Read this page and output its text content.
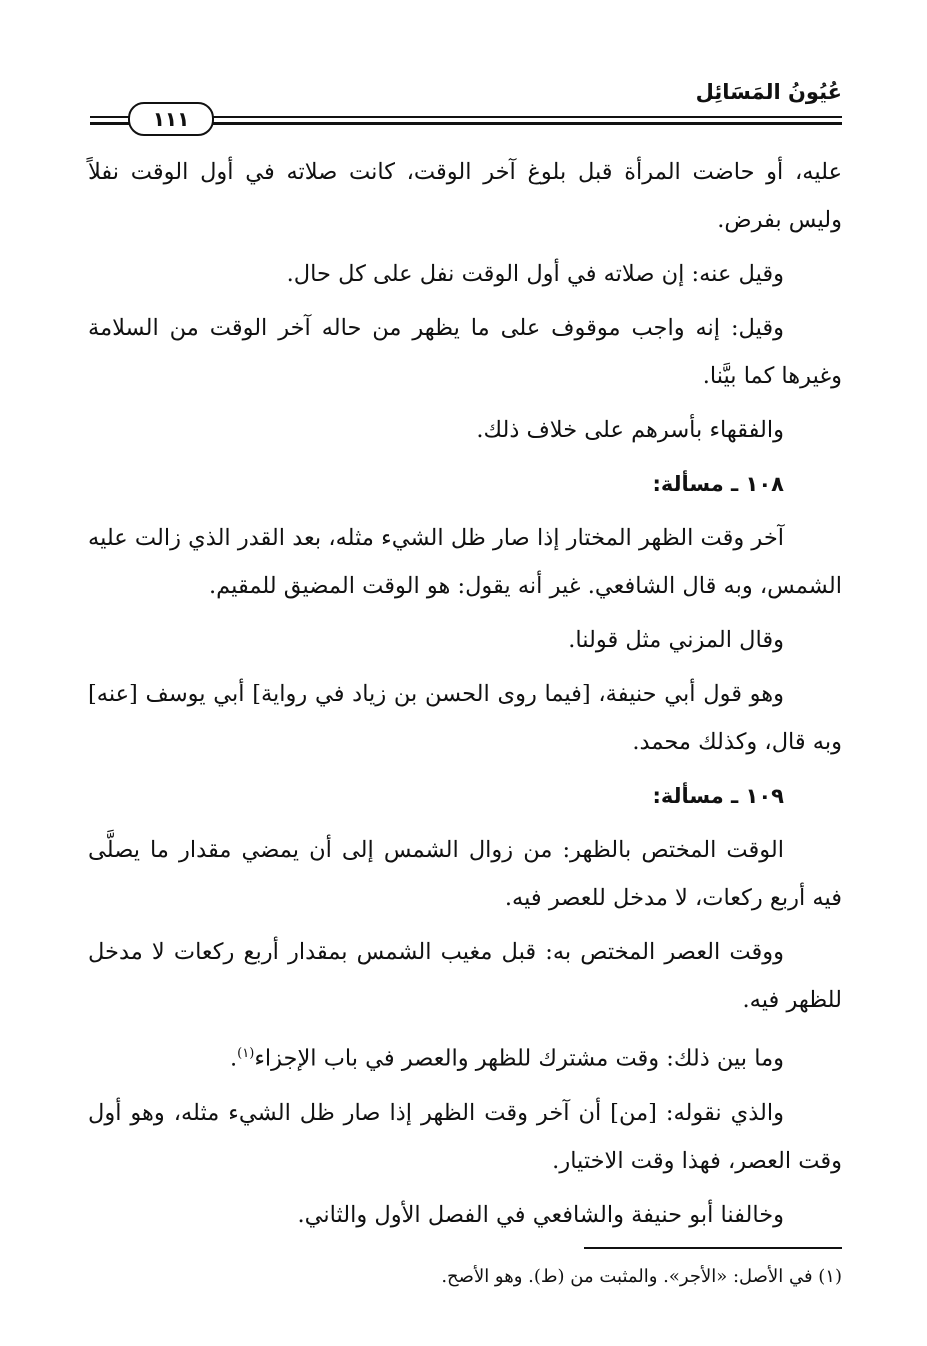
١١١
عُيُونُ المَسَائِل

عليه، أو حاضت المرأة قبل بلوغ آخر الوقت، كانت صلاته في أول الوقت نفلاً وليس بفرض.

وقيل عنه: إن صلاته في أول الوقت نفل على كل حال.

وقيل: إنه واجب موقوف على ما يظهر من حاله آخر الوقت من السلامة وغيرها كما بيَّنا.

والفقهاء بأسرهم على خلاف ذلك.

١٠٨ ـ مسألة:

آخر وقت الظهر المختار إذا صار ظل الشيء مثله، بعد القدر الذي زالت عليه الشمس، وبه قال الشافعي. غير أنه يقول: هو الوقت المضيق للمقيم.

وقال المزني مثل قولنا.

وهو قول أبي حنيفة، [فيما روى الحسن بن زياد في رواية] أبي يوسف [عنه] وبه قال، وكذلك محمد.

١٠٩ ـ مسألة:

الوقت المختص بالظهر: من زوال الشمس إلى أن يمضي مقدار ما يصلَّى فيه أربع ركعات، لا مدخل للعصر فيه.

ووقت العصر المختص به: قبل مغيب الشمس بمقدار أربع ركعات لا مدخل للظهر فيه.

وما بين ذلك: وقت مشترك للظهر والعصر في باب الإجزاء$^{(١)}$.

والذي نقوله: [من] أن آخر وقت الظهر إذا صار ظل الشيء مثله، وهو أول وقت العصر، فهذا وقت الاختيار.

وخالفنا أبو حنيفة والشافعي في الفصل الأول والثاني.

(١) في الأصل: «الأجر». والمثبت من (ط). وهو الأصح.
